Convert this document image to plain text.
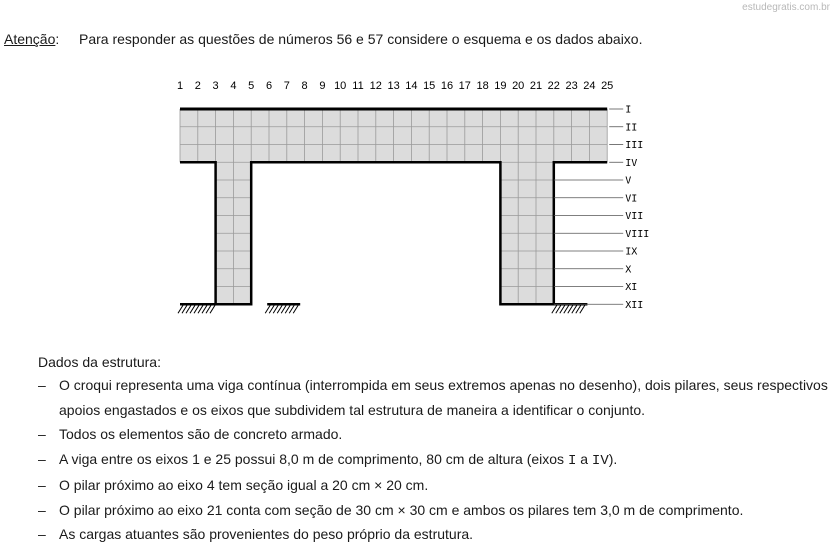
estudegratis.com.br
Atenção: Para responder as questões de números 56 e 57 considere o esquema e os dados abaixo.
1 2 3 4 5 6 7 8 9 10 11 12 13 14 15 16 17 18 19 20 21 22 23 24 25
I
II
III
IV
V
VI
VII
VIII
IX
X
XI
XII
Dados da estrutura:
– O croqui representa uma viga contínua (interrompida em seus extremos apenas no desenho), dois pilares, seus respectivos apoios engastados e os eixos que subdividem tal estrutura de maneira a identificar o conjunto.
– Todos os elementos são de concreto armado.
– A viga entre os eixos 1 e 25 possui 8,0 m de comprimento, 80 cm de altura (eixos I a IV).
– O pilar próximo ao eixo 4 tem seção igual a 20 cm × 20 cm.
– O pilar próximo ao eixo 21 conta com seção de 30 cm × 30 cm e ambos os pilares tem 3,0 m de comprimento.
– As cargas atuantes são provenientes do peso próprio da estrutura.
